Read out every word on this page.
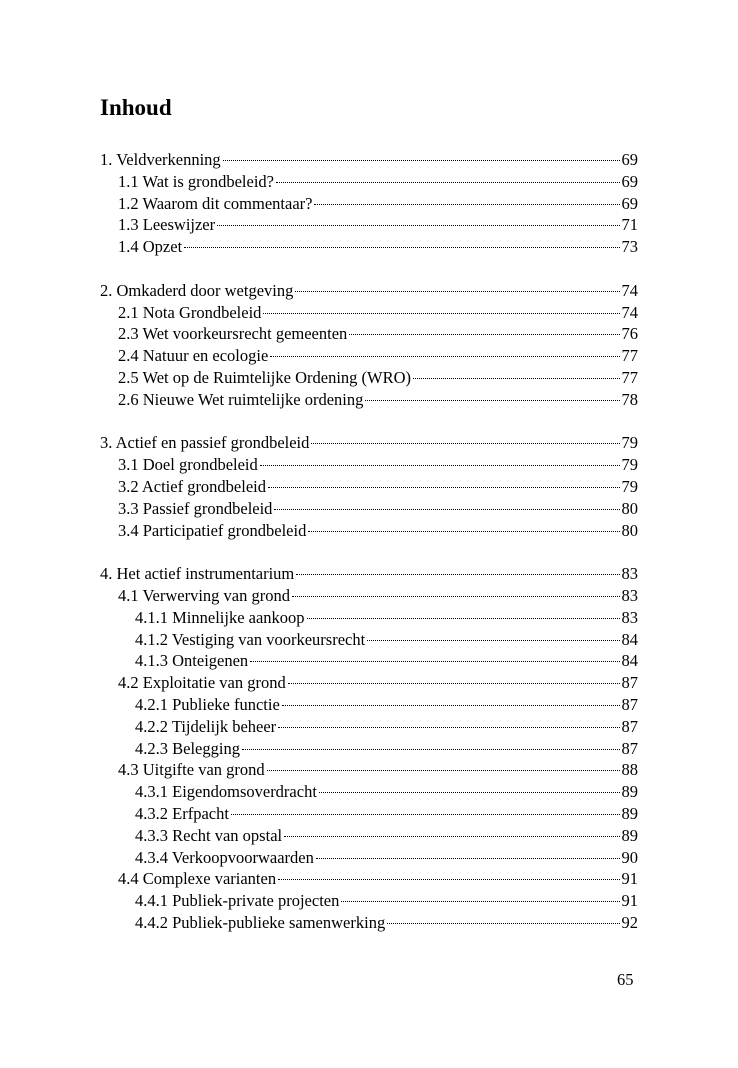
Inhoud
1. Veldverkenning	69
1.1 Wat is grondbeleid?	69
1.2 Waarom dit commentaar?	69
1.3 Leeswijzer	71
1.4 Opzet	73
2. Omkaderd door wetgeving	74
2.1 Nota Grondbeleid	74
2.3 Wet voorkeursrecht gemeenten	76
2.4 Natuur en ecologie	77
2.5 Wet op de Ruimtelijke Ordening (WRO)	77
2.6 Nieuwe Wet ruimtelijke ordening	78
3. Actief en passief grondbeleid	79
3.1 Doel grondbeleid	79
3.2 Actief grondbeleid	79
3.3 Passief grondbeleid	80
3.4 Participatief grondbeleid	80
4. Het actief instrumentarium	83
4.1 Verwerving van grond	83
4.1.1 Minnelijke aankoop	83
4.1.2 Vestiging van voorkeursrecht	84
4.1.3 Onteigenen	84
4.2 Exploitatie van grond	87
4.2.1 Publieke functie	87
4.2.2 Tijdelijk beheer	87
4.2.3 Belegging	87
4.3 Uitgifte van grond	88
4.3.1 Eigendomsoverdracht	89
4.3.2 Erfpacht	89
4.3.3 Recht van opstal	89
4.3.4 Verkoopvoorwaarden	90
4.4 Complexe varianten	91
4.4.1 Publiek-private projecten	91
4.4.2 Publiek-publieke samenwerking	92
65
